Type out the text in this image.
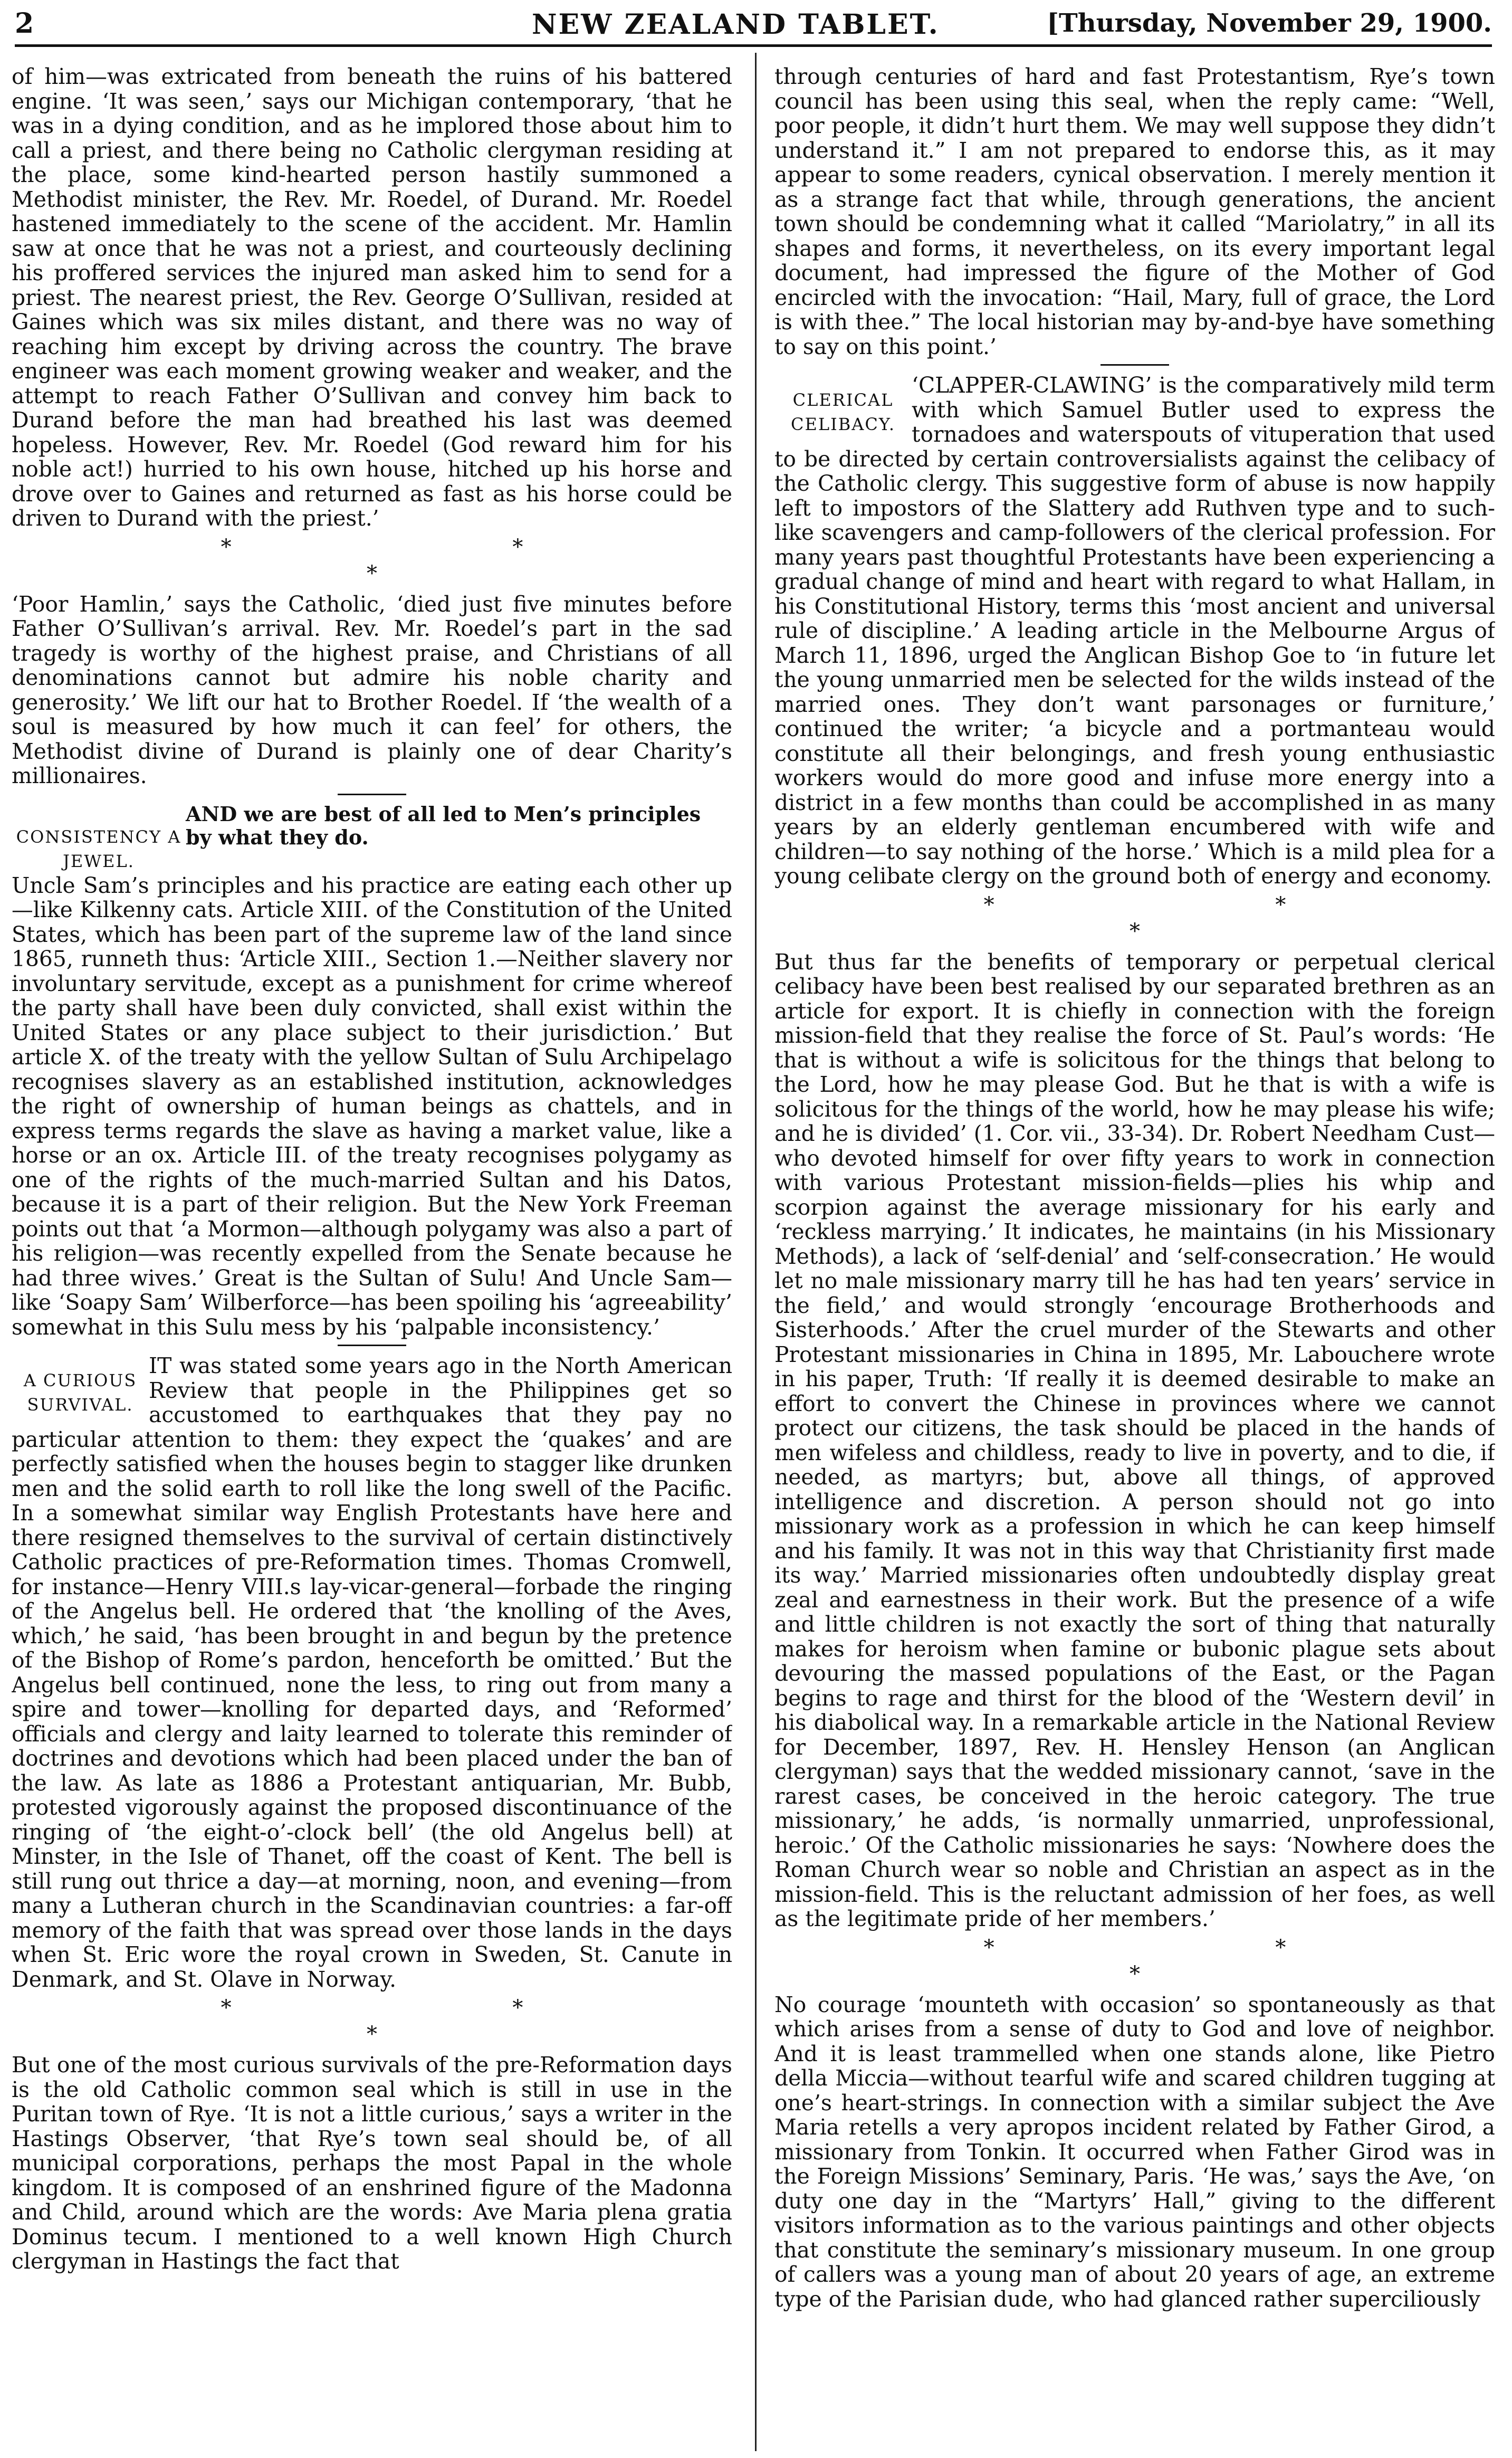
2	NEW ZEALAND TABLET.	[Thursday, November 29, 1900.

of him—was extricated from beneath the ruins of his battered engine. ‘It was seen,’ says our Michigan contemporary, ‘that he was in a dying condition, and as he implored those about him to call a priest, and there being no Catholic clergyman residing at the place, some kind-hearted person hastily summoned a Methodist minister, the Rev. Mr. Roedel, of Durand. Mr. Roedel hastened immediately to the scene of the accident. Mr. Hamlin saw at once that he was not a priest, and courteously declining his proffered services the injured man asked him to send for a priest. The nearest priest, the Rev. George O’Sullivan, resided at Gaines which was six miles distant, and there was no way of reaching him except by driving across the country. The brave engineer was each moment growing weaker and weaker, and the attempt to reach Father O’Sullivan and convey him back to Durand before the man had breathed his last was deemed hopeless. However, Rev. Mr. Roedel (God reward him for his noble act!) hurried to his own house, hitched up his horse and drove over to Gaines and returned as fast as his horse could be driven to Durand with the priest.’

* * *

‘Poor Hamlin,’ says the Catholic, ‘died just five minutes before Father O’Sullivan’s arrival. Rev. Mr. Roedel’s part in the sad tragedy is worthy of the highest praise, and Christians of all denominations cannot but admire his noble charity and generosity.’ We lift our hat to Brother Roedel. If ‘the wealth of a soul is measured by how much it can feel’ for others, the Methodist divine of Durand is plainly one of dear Charity’s millionaires.

CONSISTENCY A JEWEL.
AND we are best of all led to Men’s principles by what they do.

Uncle Sam’s principles and his practice are eating each other up—like Kilkenny cats. Article XIII. of the Constitution of the United States, which has been part of the supreme law of the land since 1865, runneth thus: ‘Article XIII., Section 1.—Neither slavery nor involuntary servitude, except as a punishment for crime whereof the party shall have been duly convicted, shall exist within the United States or any place subject to their jurisdiction.’ But article X. of the treaty with the yellow Sultan of Sulu Archipelago recognises slavery as an established institution, acknowledges the right of ownership of human beings as chattels, and in express terms regards the slave as having a market value, like a horse or an ox. Article III. of the treaty recognises polygamy as one of the rights of the much-married Sultan and his Datos, because it is a part of their religion. But the New York Freeman points out that ‘a Mormon—although polygamy was also a part of his religion—was recently expelled from the Senate because he had three wives.’ Great is the Sultan of Sulu! And Uncle Sam—like ‘Soapy Sam’ Wilberforce—has been spoiling his ‘agreeability’ somewhat in this Sulu mess by his ‘palpable inconsistency.’

A CURIOUS SURVIVAL.

IT was stated some years ago in the North American Review that people in the Philippines get so accustomed to earthquakes that they pay no particular attention to them: they expect the ‘quakes’ and are perfectly satisfied when the houses begin to stagger like drunken men and the solid earth to roll like the long swell of the Pacific. In a somewhat similar way English Protestants have here and there resigned themselves to the survival of certain distinctively Catholic practices of pre-Reformation times. Thomas Cromwell, for instance—Henry VIII.s lay-vicar-general—forbade the ringing of the Angelus bell. He ordered that ‘the knolling of the Aves, which,’ he said, ‘has been brought in and begun by the pretence of the Bishop of Rome’s pardon, henceforth be omitted.’ But the Angelus bell continued, none the less, to ring out from many a spire and tower—knolling for departed days, and ‘Reformed’ officials and clergy and laity learned to tolerate this reminder of doctrines and devotions which had been placed under the ban of the law. As late as 1886 a Protestant antiquarian, Mr. Bubb, protested vigorously against the proposed discontinuance of the ringing of ‘the eight-o’-clock bell’ (the old Angelus bell) at Minster, in the Isle of Thanet, off the coast of Kent. The bell is still rung out thrice a day—at morning, noon, and evening—from many a Lutheran church in the Scandinavian countries: a far-off memory of the faith that was spread over those lands in the days when St. Eric wore the royal crown in Sweden, St. Canute in Denmark, and St. Olave in Norway.

* * *

But one of the most curious survivals of the pre-Reformation days is the old Catholic common seal which is still in use in the Puritan town of Rye. ‘It is not a little curious,’ says a writer in the Hastings Observer, ‘that Rye’s town seal should be, of all municipal corporations, perhaps the most Papal in the whole kingdom. It is composed of an enshrined figure of the Madonna and Child, around which are the words: Ave Maria plena gratia Dominus tecum. I mentioned to a well known High Church clergyman in Hastings the fact that

through centuries of hard and fast Protestantism, Rye’s town council has been using this seal, when the reply came: “Well, poor people, it didn’t hurt them. We may well suppose they didn’t understand it.” I am not prepared to endorse this, as it may appear to some readers, cynical observation. I merely mention it as a strange fact that while, through generations, the ancient town should be condemning what it called “Mariolatry,” in all its shapes and forms, it nevertheless, on its every important legal document, had impressed the figure of the Mother of God encircled with the invocation: “Hail, Mary, full of grace, the Lord is with thee.” The local historian may by-and-bye have something to say on this point.’

CLERICAL CELIBACY.

‘CLAPPER-CLAWING’ is the comparatively mild term with which Samuel Butler used to express the tornadoes and waterspouts of vituperation that used to be directed by certain controversialists against the celibacy of the Catholic clergy. This suggestive form of abuse is now happily left to impostors of the Slattery add Ruthven type and to such-like scavengers and camp-followers of the clerical profession. For many years past thoughtful Protestants have been experiencing a gradual change of mind and heart with regard to what Hallam, in his Constitutional History, terms this ‘most ancient and universal rule of discipline.’ A leading article in the Melbourne Argus of March 11, 1896, urged the Anglican Bishop Goe to ‘in future let the young unmarried men be selected for the wilds instead of the married ones. They don’t want parsonages or furniture,’ continued the writer; ‘a bicycle and a portmanteau would constitute all their belongings, and fresh young enthusiastic workers would do more good and infuse more energy into a district in a few months than could be accomplished in as many years by an elderly gentleman encumbered with wife and children—to say nothing of the horse.’ Which is a mild plea for a young celibate clergy on the ground both of energy and economy.

* * *

But thus far the benefits of temporary or perpetual clerical celibacy have been best realised by our separated brethren as an article for export. It is chiefly in connection with the foreign mission-field that they realise the force of St. Paul’s words: ‘He that is without a wife is solicitous for the things that belong to the Lord, how he may please God. But he that is with a wife is solicitous for the things of the world, how he may please his wife; and he is divided’ (1. Cor. vii., 33-34). Dr. Robert Needham Cust—who devoted himself for over fifty years to work in connection with various Protestant mission-fields—plies his whip and scorpion against the average missionary for his early and ‘reckless marrying.’ It indicates, he maintains (in his Missionary Methods), a lack of ‘self-denial’ and ‘self-consecration.’ He would let no male missionary marry till he has had ten years’ service in the field,’ and would strongly ‘encourage Brotherhoods and Sisterhoods.’ After the cruel murder of the Stewarts and other Protestant missionaries in China in 1895, Mr. Labouchere wrote in his paper, Truth: ‘If really it is deemed desirable to make an effort to convert the Chinese in provinces where we cannot protect our citizens, the task should be placed in the hands of men wifeless and childless, ready to live in poverty, and to die, if needed, as martyrs; but, above all things, of approved intelligence and discretion. A person should not go into missionary work as a profession in which he can keep himself and his family. It was not in this way that Christianity first made its way.’ Married missionaries often undoubtedly display great zeal and earnestness in their work. But the presence of a wife and little children is not exactly the sort of thing that naturally makes for heroism when famine or bubonic plague sets about devouring the massed populations of the East, or the Pagan begins to rage and thirst for the blood of the ‘Western devil’ in his diabolical way. In a remarkable article in the National Review for December, 1897, Rev. H. Hensley Henson (an Anglican clergyman) says that the wedded missionary cannot, ‘save in the rarest cases, be conceived in the heroic category. The true missionary,’ he adds, ‘is normally unmarried, unprofessional, heroic.’ Of the Catholic missionaries he says: ‘Nowhere does the Roman Church wear so noble and Christian an aspect as in the mission-field. This is the reluctant admission of her foes, as well as the legitimate pride of her members.’

* * *

No courage ‘mounteth with occasion’ so spontaneously as that which arises from a sense of duty to God and love of neighbor. And it is least trammelled when one stands alone, like Pietro della Miccia—without tearful wife and scared children tugging at one’s heart-strings. In connection with a similar subject the Ave Maria retells a very apropos incident related by Father Girod, a missionary from Tonkin. It occurred when Father Girod was in the Foreign Missions’ Seminary, Paris. ‘He was,’ says the Ave, ‘on duty one day in the “Martyrs’ Hall,” giving to the different visitors information as to the various paintings and other objects that constitute the seminary’s missionary museum. In one group of callers was a young man of about 20 years of age, an extreme type of the Parisian dude, who had glanced rather superciliously
